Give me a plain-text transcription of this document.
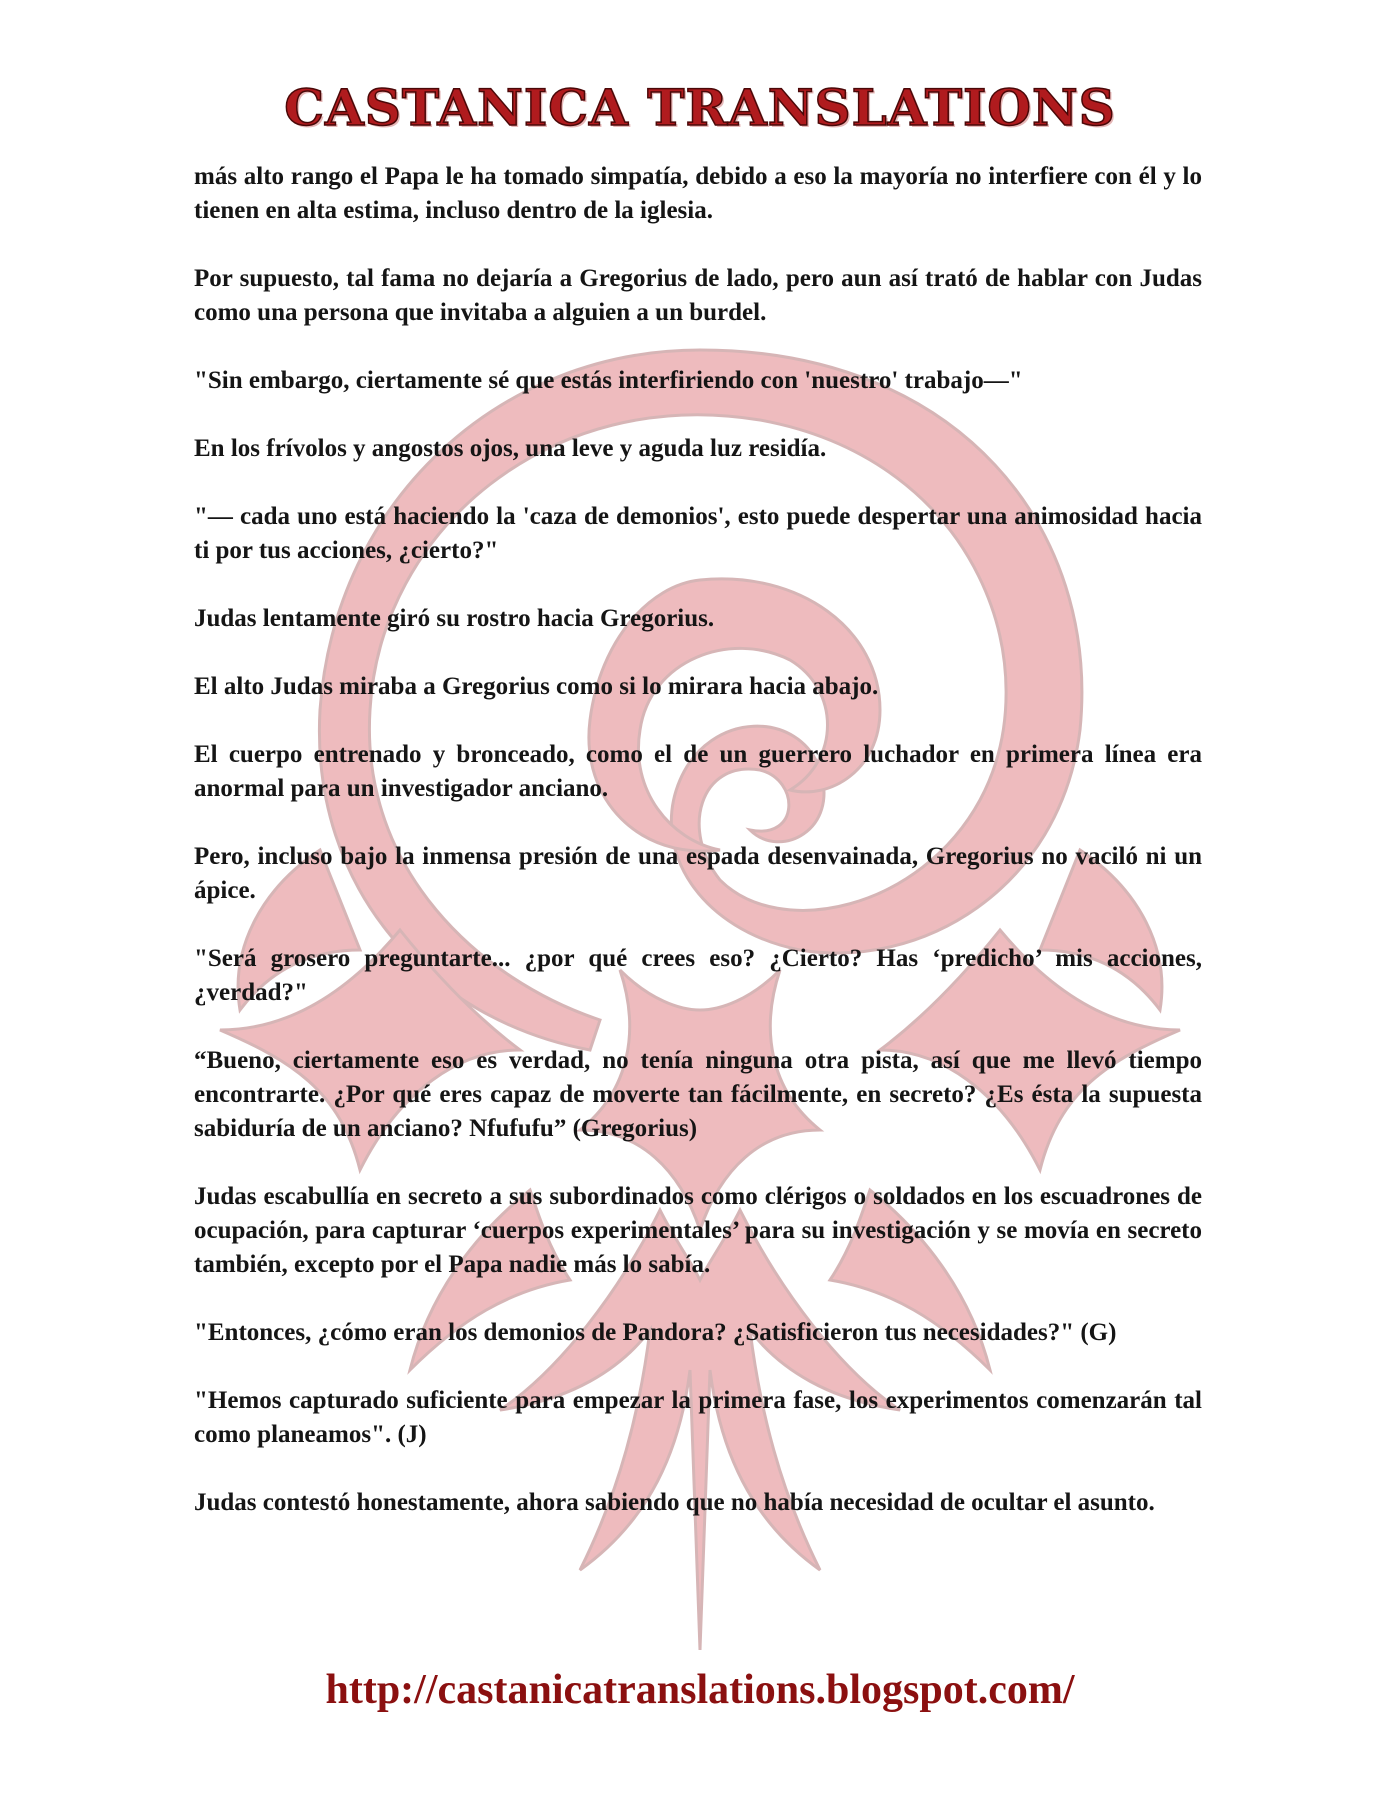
CASTANICA TRANSLATIONS

más alto rango el Papa le ha tomado simpatía, debido a eso la mayoría no interfiere con él y lo tienen en alta estima, incluso dentro de la iglesia.

Por supuesto, tal fama no dejaría a Gregorius de lado, pero aun así trató de hablar con Judas como una persona que invitaba a alguien a un burdel.

"Sin embargo, ciertamente sé que estás interfiriendo con 'nuestro' trabajo—"

En los frívolos y angostos ojos, una leve y aguda luz residía.

"— cada uno está haciendo la 'caza de demonios', esto puede despertar una animosidad hacia ti por tus acciones, ¿cierto?"

Judas lentamente giró su rostro hacia Gregorius.

El alto Judas miraba a Gregorius como si lo mirara hacia abajo.

El cuerpo entrenado y bronceado, como el de un guerrero luchador en primera línea era anormal para un investigador anciano.

Pero, incluso bajo la inmensa presión de una espada desenvainada, Gregorius no vaciló ni un ápice.

"Será grosero preguntarte... ¿por qué crees eso? ¿Cierto? Has ‘predicho’ mis acciones, ¿verdad?"

“Bueno, ciertamente eso es verdad, no tenía ninguna otra pista, así que me llevó tiempo encontrarte. ¿Por qué eres capaz de moverte tan fácilmente, en secreto? ¿Es ésta la supuesta sabiduría de un anciano? Nfufufu” (Gregorius)

Judas escabullía en secreto a sus subordinados como clérigos o soldados en los escuadrones de ocupación, para capturar ‘cuerpos experimentales’ para su investigación y se movía en secreto también, excepto por el Papa nadie más lo sabía.

"Entonces, ¿cómo eran los demonios de Pandora? ¿Satisficieron tus necesidades?" (G)

"Hemos capturado suficiente para empezar la primera fase, los experimentos comenzarán tal como planeamos". (J)

Judas contestó honestamente, ahora sabiendo que no había necesidad de ocultar el asunto.

http://castanicatranslations.blogspot.com/
